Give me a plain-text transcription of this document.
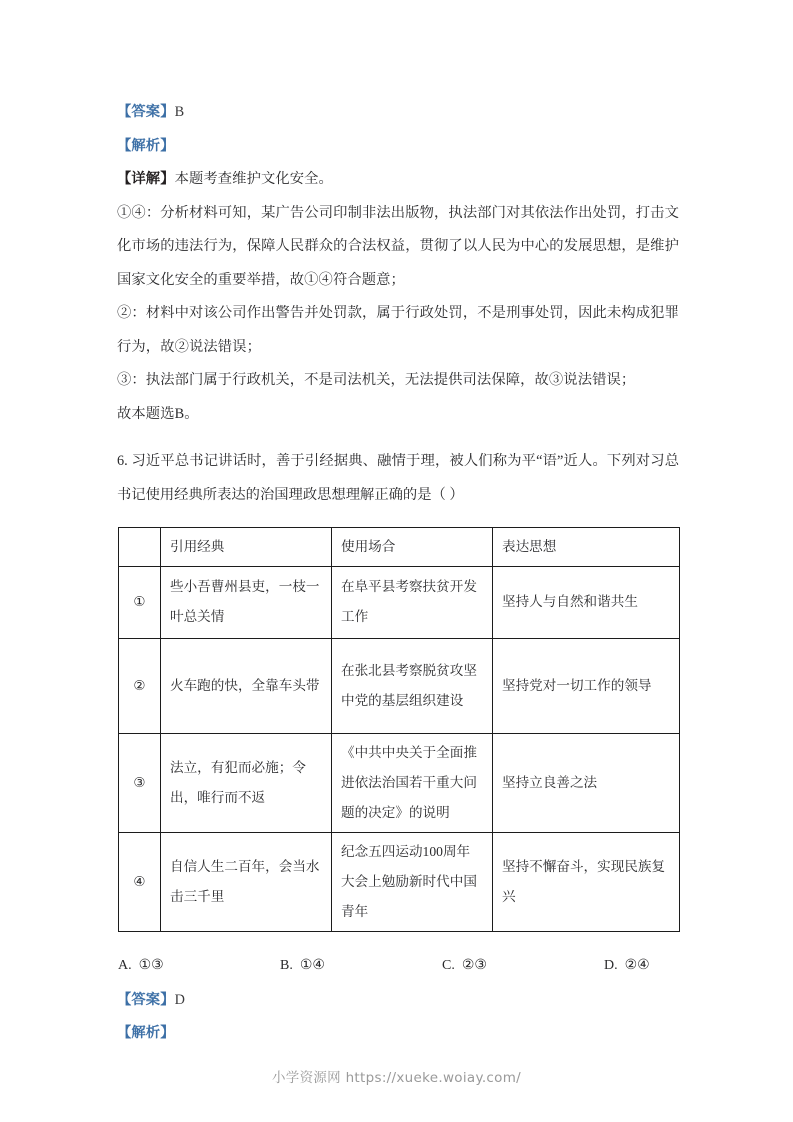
【答案】B

【解析】

【详解】本题考查维护文化安全。

①④：分析材料可知，某广告公司印制非法出版物，执法部门对其依法作出处罚，打击文化市场的违法行为，保障人民群众的合法权益，贯彻了以人民为中心的发展思想，是维护国家文化安全的重要举措，故①④符合题意；

②：材料中对该公司作出警告并处罚款，属于行政处罚，不是刑事处罚，因此未构成犯罪行为，故②说法错误；

③：执法部门属于行政机关，不是司法机关，无法提供司法保障，故③说法错误；

故本题选B。

6. 习近平总书记讲话时，善于引经据典、融情于理，被人们称为平“语”近人。下列对习总书记使用经典所表达的治国理政思想理解正确的是（ ）

	引用经典	使用场合	表达思想
①	些小吾曹州县吏，一枝一叶总关情	在阜平县考察扶贫开发工作	坚持人与自然和谐共生
②	火车跑的快，全靠车头带	在张北县考察脱贫攻坚中党的基层组织建设	坚持党对一切工作的领导
③	法立，有犯而必施；令出，唯行而不返	《中共中央关于全面推进依法治国若干重大问题的决定》的说明	坚持立良善之法
④	自信人生二百年，会当水击三千里	纪念五四运动100周年大会上勉励新时代中国青年	坚持不懈奋斗，实现民族复兴
A. ①③	B. ①④	C. ②③	D. ②④

【答案】D

【解析】

小学资源网 https://xueke.woiay.com/
